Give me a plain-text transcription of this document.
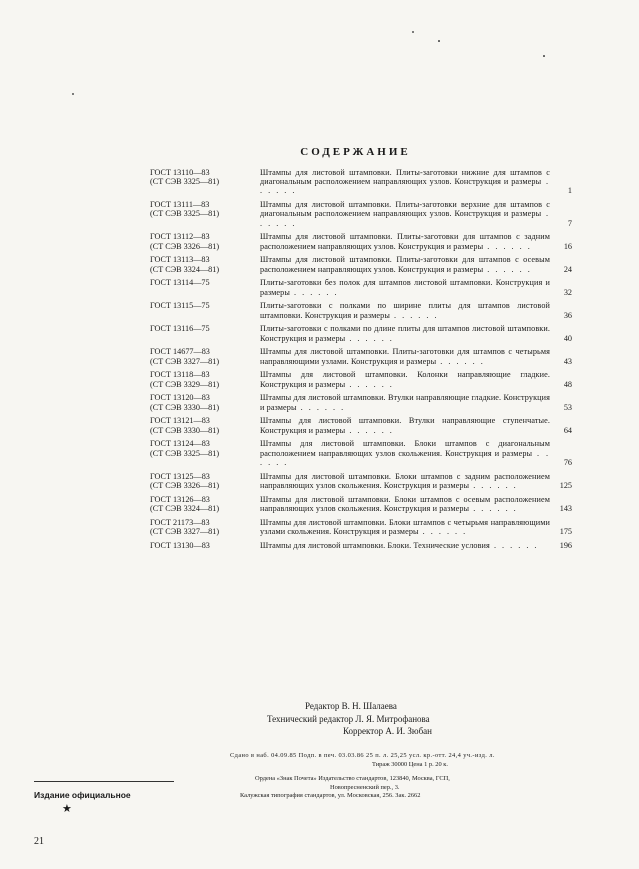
СОДЕРЖАНИЕ
ГОСТ 13110—83
(СТ СЭВ 3325—81)
Штампы для листовой штамповки. Плиты-заготовки нижние для штампов с диагональным расположением направляющих узлов. Конструкция и размеры . . . . . .	1
ГОСТ 13111—83
(СТ СЭВ 3325—81)
Штампы для листовой штамповки. Плиты-заготовки верхние для штампов с диагональным расположением направляющих узлов. Конструкция и размеры . . . . . .	7
ГОСТ 13112—83
(СТ СЭВ 3326—81)
Штампы для листовой штамповки. Плиты-заготовки для штампов с задним расположением направляющих узлов. Конструкция и размеры . . . . . .	16
ГОСТ 13113—83
(СТ СЭВ 3324—81)
Штампы для листовой штамповки. Плиты-заготовки для штампов с осевым расположением направляющих узлов. Конструкция и размеры . . . . . .	24
ГОСТ 13114—75	Плиты-заготовки без полок для штампов листовой штамповки. Конструкция и размеры . . . . . .	32
ГОСТ 13115—75	Плиты-заготовки с полками по ширине плиты для штампов листовой штамповки. Конструкция и размеры . . . . . .	36
ГОСТ 13116—75	Плиты-заготовки с полками по длине плиты для штампов листовой штамповки. Конструкция и размеры . . . . . .	40
ГОСТ 14677—83
(СТ СЭВ 3327—81)
Штампы для листовой штамповки. Плиты-заготовки для штампов с четырьмя направляющими узлами. Конструкция и размеры . . . . . .	43
ГОСТ 13118—83
(СТ СЭВ 3329—81)
Штампы для листовой штамповки. Колонки направляющие гладкие. Конструкция и размеры . . . . . .	48
ГОСТ 13120—83
(СТ СЭВ 3330—81)
Штампы для листовой штамповки. Втулки направляющие гладкие. Конструкция и размеры . . . . . .	53
ГОСТ 13121—83
(СТ СЭВ 3330—81)
Штампы для листовой штамповки. Втулки направляющие ступенчатые. Конструкция и размеры . . . . . .	64
ГОСТ 13124—83
(СТ СЭВ 3325—81)
Штампы для листовой штамповки. Блоки штампов с диагональным расположением направляющих узлов скольжения. Конструкция и размеры . . . . . .	76
ГОСТ 13125—83
(СТ СЭВ 3326—81)
Штампы для листовой штамповки. Блоки штампов с задним расположением направляющих узлов скольжения. Конструкция и размеры . . . . . .	125
ГОСТ 13126—83
(СТ СЭВ 3324—81)
Штампы для листовой штамповки. Блоки штампов с осевым расположением направляющих узлов скольжения. Конструкция и размеры . . . . . .	143
ГОСТ 21173—83
(СТ СЭВ 3327—81)
Штампы для листовой штамповки. Блоки штампов с четырьмя направляющими узлами скольжения. Конструкция и размеры . . . . . .	175
ГОСТ 13130—83	Штампы для листовой штамповки. Блоки. Технические условия . . . . . .	196
Редактор В. Н. Шалаева
Технический редактор Л. Я. Митрофанова
Корректор А. И. Зюбан
Сдано в наб. 04.09.85 Подп. в печ. 03.03.86 25 п. л. 25,25 усл. кр.-отт. 24,4 уч.-изд. л.
Тираж 30000 Цена 1 р. 20 к.
Ордена «Знак Почета» Издательство стандартов, 123840, Москва, ГСП,
Новопресненский пер., 3.
Калужская типография стандартов, ул. Московская, 256. Зак. 2662
Издание официальное
★
21
